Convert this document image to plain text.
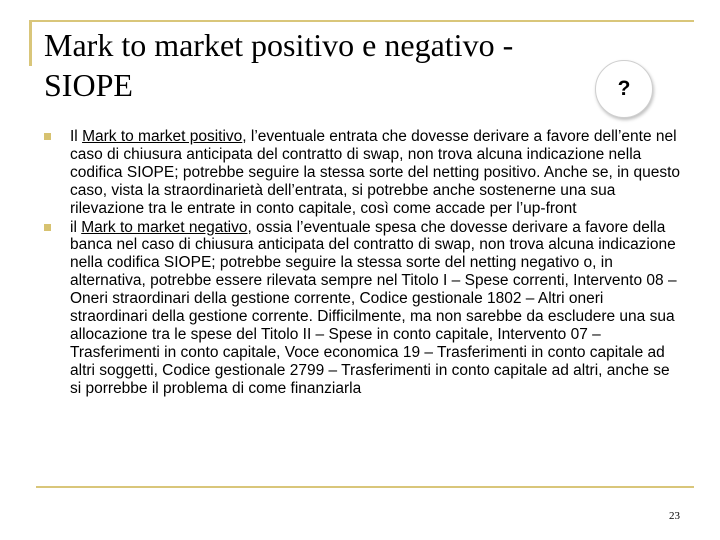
Mark to market positivo e negativo - SIOPE	?
Il Mark to market positivo, l’eventuale entrata che dovesse derivare a favore dell’ente nel caso di chiusura anticipata del contratto di swap, non trova alcuna indicazione nella codifica SIOPE; potrebbe seguire la stessa sorte del netting positivo. Anche se, in questo caso, vista la straordinarietà dell’entrata, si potrebbe anche sostenerne una sua rilevazione tra le entrate in conto capitale, così come accade per l’up-front
il Mark to market negativo, ossia l’eventuale spesa che dovesse derivare a favore della banca nel caso di chiusura anticipata del contratto di swap, non trova alcuna indicazione nella codifica SIOPE; potrebbe seguire la stessa sorte del netting negativo o, in alternativa, potrebbe essere rilevata sempre nel Titolo I – Spese correnti, Intervento 08 – Oneri straordinari della gestione corrente, Codice gestionale 1802 – Altri oneri straordinari della gestione corrente. Difficilmente, ma non sarebbe da escludere una sua allocazione tra le spese del Titolo II – Spese in conto capitale, Intervento 07 – Trasferimenti in conto capitale, Voce economica 19 – Trasferimenti in conto capitale ad altri soggetti, Codice gestionale 2799 – Trasferimenti in conto capitale ad altri, anche se si porrebbe il problema di come finanziarla
23
